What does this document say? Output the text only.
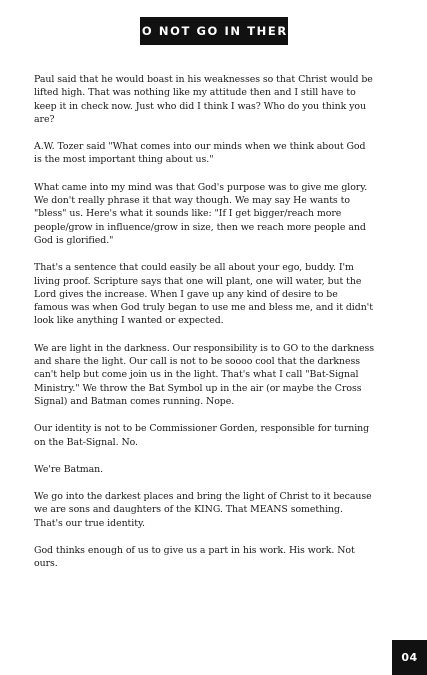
DO NOT GO IN THERE

Paul said that he would boast in his weaknesses so that Christ would be lifted high. That was nothing like my attitude then and I still have to keep it in check now. Just who did I think I was? Who do you think you are?

A.W. Tozer said "What comes into our minds when we think about God is the most important thing about us."

What came into my mind was that God's purpose was to give me glory. We don't really phrase it that way though. We may say He wants to "bless" us. Here's what it sounds like: "If I get bigger/reach more people/grow in influence/grow in size, then we reach more people and God is glorified."

That's a sentence that could easily be all about your ego, buddy. I'm living proof. Scripture says that one will plant, one will water, but the Lord gives the increase. When I gave up any kind of desire to be famous was when God truly began to use me and bless me, and it didn't look like anything I wanted or expected.

We are light in the darkness. Our responsibility is to GO to the darkness and share the light. Our call is not to be soooo cool that the darkness can't help but come join us in the light. That's what I call "Bat-Signal Ministry." We throw the Bat Symbol up in the air (or maybe the Cross Signal) and Batman comes running. Nope.

Our identity is not to be Commissioner Gorden, responsible for turning on the Bat-Signal. No.

We're Batman.

We go into the darkest places and bring the light of Christ to it because we are sons and daughters of the KING. That MEANS something. That's our true identity.

God thinks enough of us to give us a part in his work. His work. Not ours.

04
